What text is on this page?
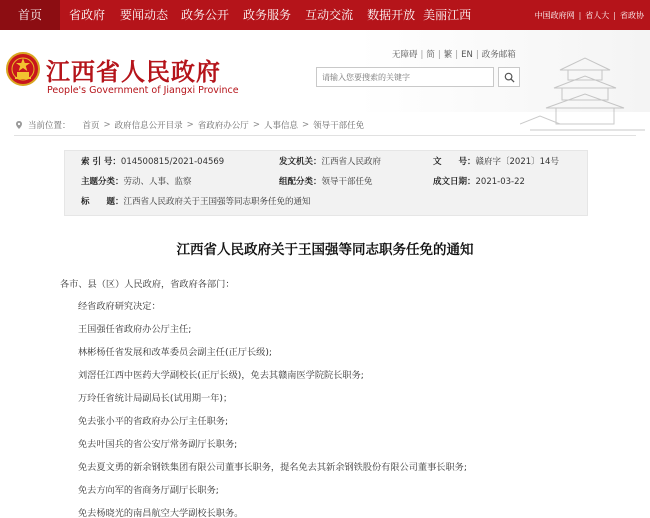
首页	省政府 要闻动态 政务公开 政务服务 互动交流 数据开放 美丽江西	中国政府网 | 省人大 | 省政协
江西省人民政府
People's Government of Jiangxi Province
无障碍 | 简 | 繁 | EN | 政务邮箱
请输入您要搜索的关键字
当前位置： 首页 > 政府信息公开目录 > 省政府办公厅 > 人事信息 > 领导干部任免
索 引 号：014500815/2021-04569	发文机关：江西省人民政府	文　　号：赣府字〔2021〕14号
主题分类：劳动、人事、监察	组配分类：领导干部任免	成文日期：2021-03-22
标　　题：江西省人民政府关于王国强等同志职务任免的通知
江西省人民政府关于王国强等同志职务任免的通知
各市、县（区）人民政府，省政府各部门：
经省政府研究决定：
王国强任省政府办公厅主任;
林彬杨任省发展和改革委员会副主任(正厅长级);
刘滘任江西中医药大学副校长(正厅长级)，免去其赣南医学院院长职务;
万玲任省统计局副局长(试用期一年)；
免去张小平的省政府办公厅主任职务;
免去叶国兵的省公安厅常务副厅长职务;
免去夏文勇的新余钢铁集团有限公司董事长职务，提名免去其新余钢铁股份有限公司董事长职务;
免去方向军的省商务厅副厅长职务;
免去杨晓光的南昌航空大学副校长职务。
